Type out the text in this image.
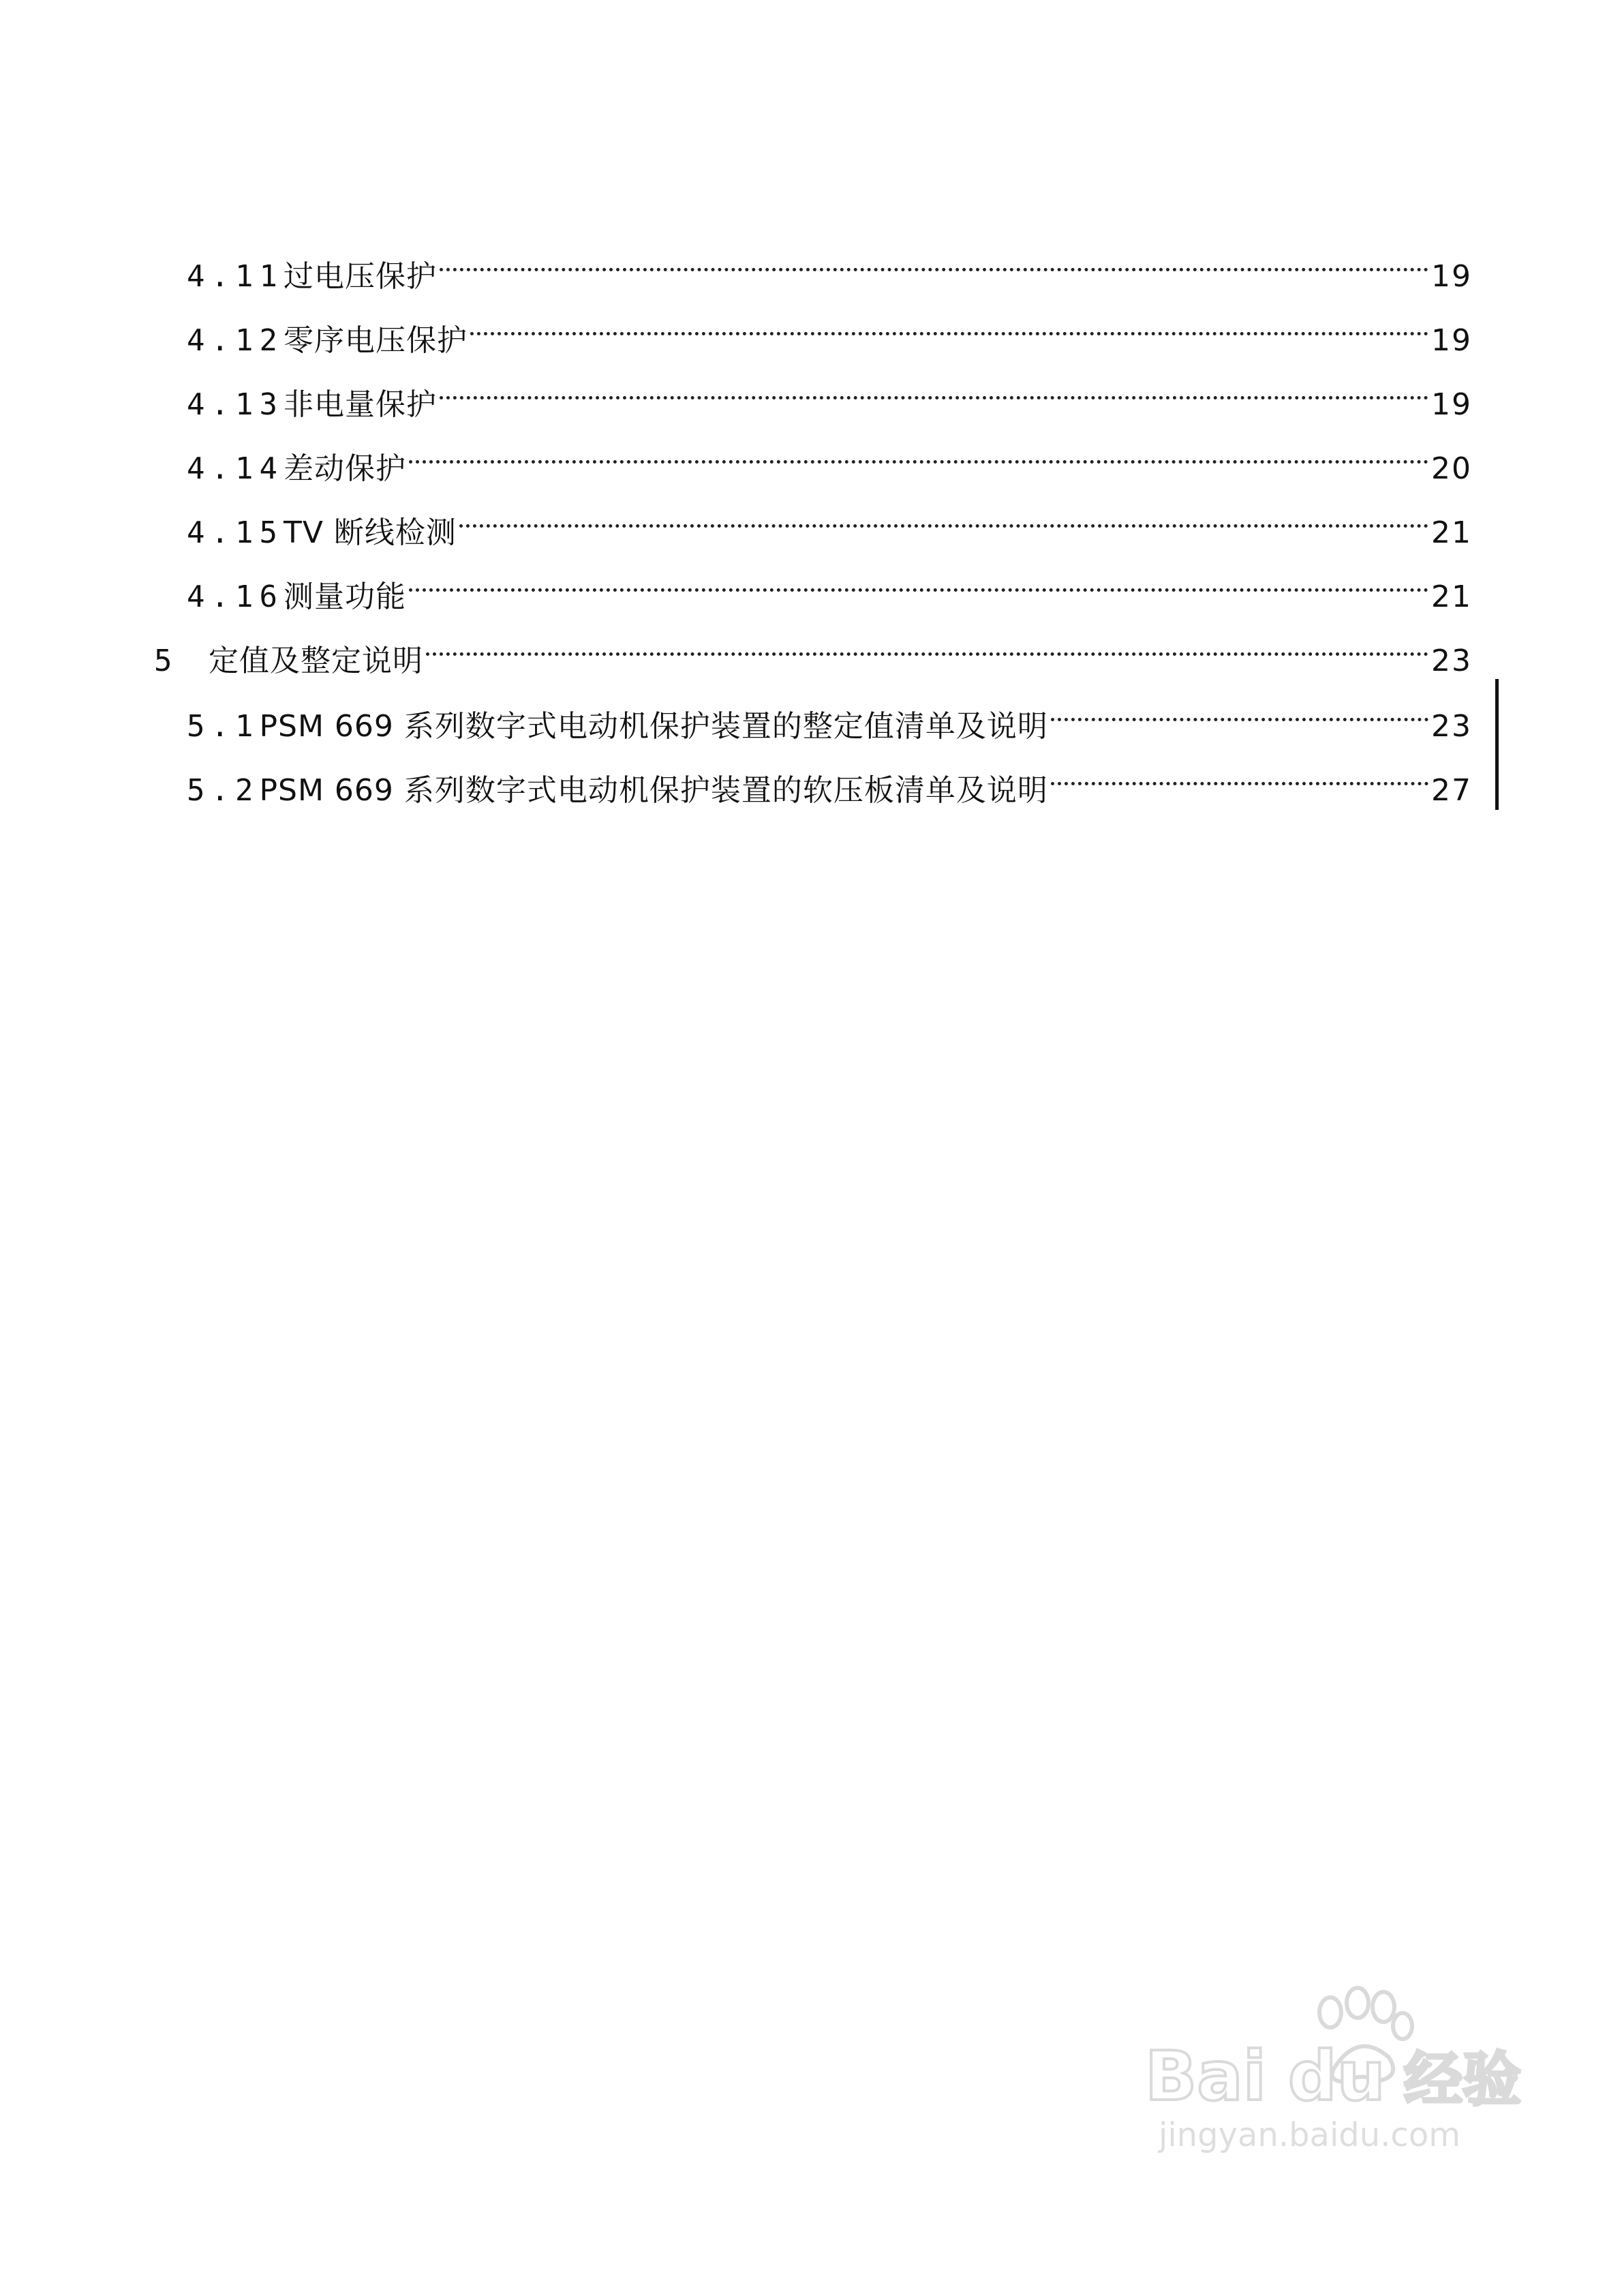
4.11 过电压保护	19
4.12 零序电压保护	19
4.13 非电量保护	19
4.14 差动保护	20
4.15 TV 断线检测	21
4.16 测量功能	21
5	定值及整定说明	23
5.1 PSM 669 系列数字式电动机保护装置的整定值清单及说明	23
5.2 PSM 669 系列数字式电动机保护装置的软压板清单及说明	27
Bai du 经验
jingyan.baidu.com
